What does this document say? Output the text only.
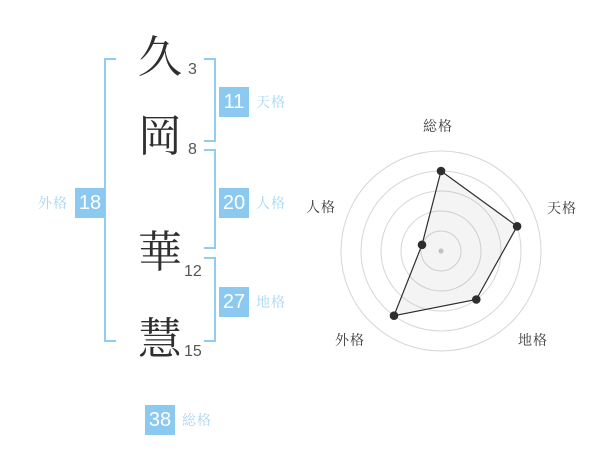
久
岡
華
慧
3
8
12
15
11 天格
20 人格
27 地格
外格 18
38 総格
総格
天格
地格
外格
人格
